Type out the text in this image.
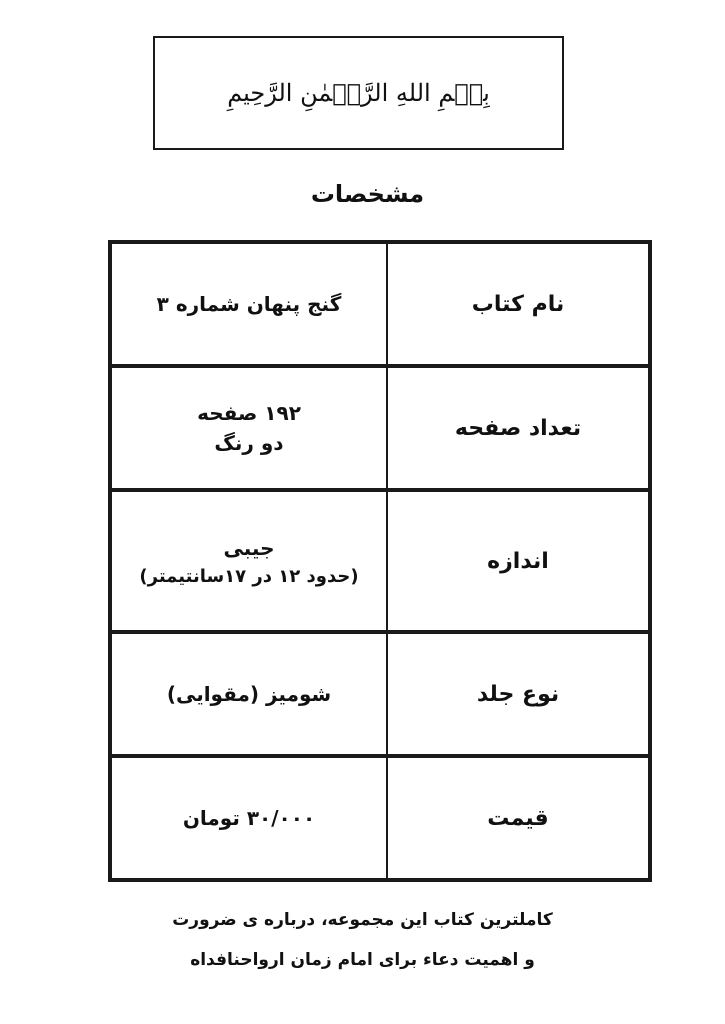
بِسۡمِ اللهِ الرَّحۡمٰنِ الرَّحِیمِ
مشخصات
گنج پنهان شماره ۳	نام کتاب

۱۹۲ صفحه
دو رنگ	تعداد صفحه

جیبی
(حدود ۱۲ در ۱۷سانتیمتر)	اندازه

شومیز (مقوایی)	نوع جلد

۳۰/۰۰۰ تومان	قیمت
کاملترین کتاب این مجموعه، درباره ی ضرورت
و اهمیت دعاء برای امام زمان اروا‌حنافداه
